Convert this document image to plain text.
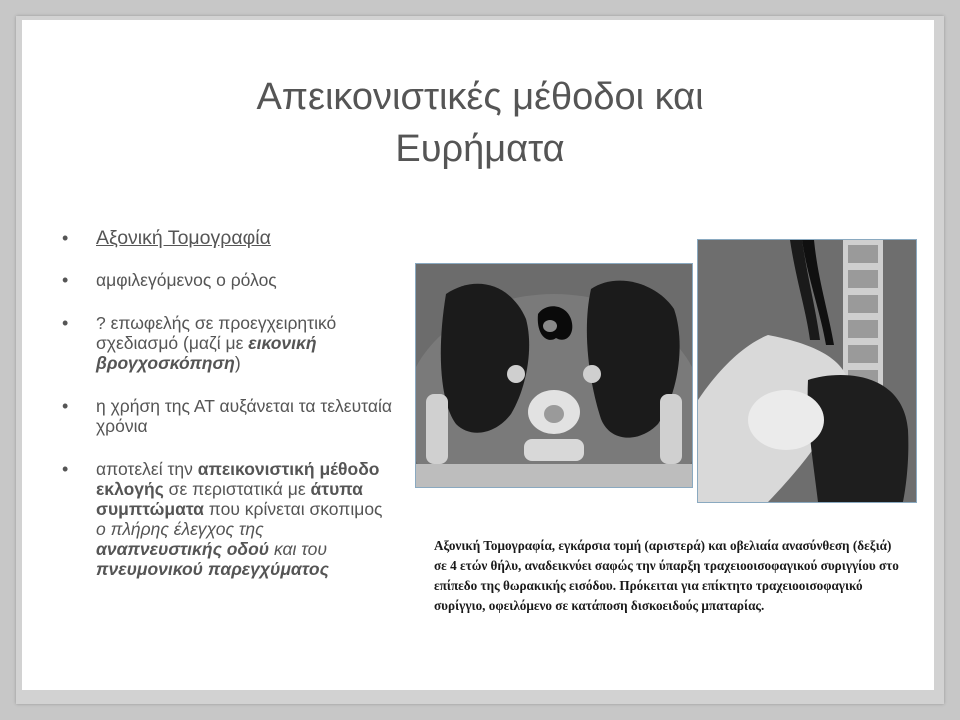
Απεικονιστικές μέθοδοι και
Ευρήματα
• Αξονική Τομογραφία
• αμφιλεγόμενος ο ρόλος
• ? επωφελής σε προεγχειρητικό σχεδιασμό (μαζί με εικονική βρογχοσκόπηση)
• η χρήση της ΑΤ αυξάνεται τα τελευταία χρόνια
• αποτελεί την απεικονιστική μέθοδο εκλογής σε περιστατικά με άτυπα συμπτώματα που κρίνεται σκοπιμος ο πλήρης έλεγχος της αναπνευστικής οδού και του πνευμονικού παρεγχύματος
Αξονική Τομογραφία, εγκάρσια τομή (αριστερά) και οβελιαία ανασύνθεση (δεξιά) σε 4 ετών θήλυ, αναδεικνύει σαφώς την ύπαρξη τραχειοοισοφαγικού συριγγίου στο επίπεδο της θωρακικής εισόδου. Πρόκειται για επίκτητο τραχειοοισοφαγικό συρίγγιο, οφειλόμενο σε κατάποση δισκοειδούς μπαταρίας.
